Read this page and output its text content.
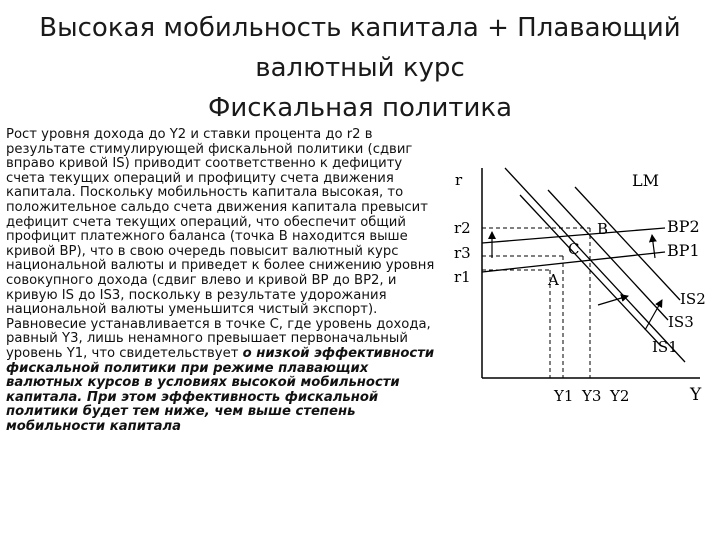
Высокая мобильность капитала + Плавающий
валютный курс
Фискальная политика
Рост уровня дохода до Y2 и ставки процента до r2 в результате стимулирующей фискальной политики (сдвиг вправо кривой IS) приводит соответственно к дефициту счета текущих операций и профициту счета движения капитала. Поскольку мобильность капитала высокая, то положительное сальдо счета движения капитала превысит дефицит счета текущих операций, что обеспечит общий профицит платежного баланса (точка В находится выше кривой ВР), что в свою очередь повысит валютный курс национальной валюты и приведет к более снижению уровня совокупного дохода (сдвиг влево и кривой ВР до ВР2, и кривую IS до IS3, поскольку в результате удорожания национальной валюты уменьшится чистый экспорт). Равновесие устанавливается в точке С, где уровень дохода, равный Y3, лишь ненамного превышает первоначальный уровень Y1, что свидетельствует о низкой эффективности фискальной политики при режиме плавающих валютных курсов в условиях высокой мобильности капитала. При этом эффективность фискальной политики будет тем ниже, чем выше степень мобильности капитала
r
Y
LM
BP2
BP1
IS2
IS3
IS1
r2
r3
r1
Y1 Y3 Y2
A
B
C
